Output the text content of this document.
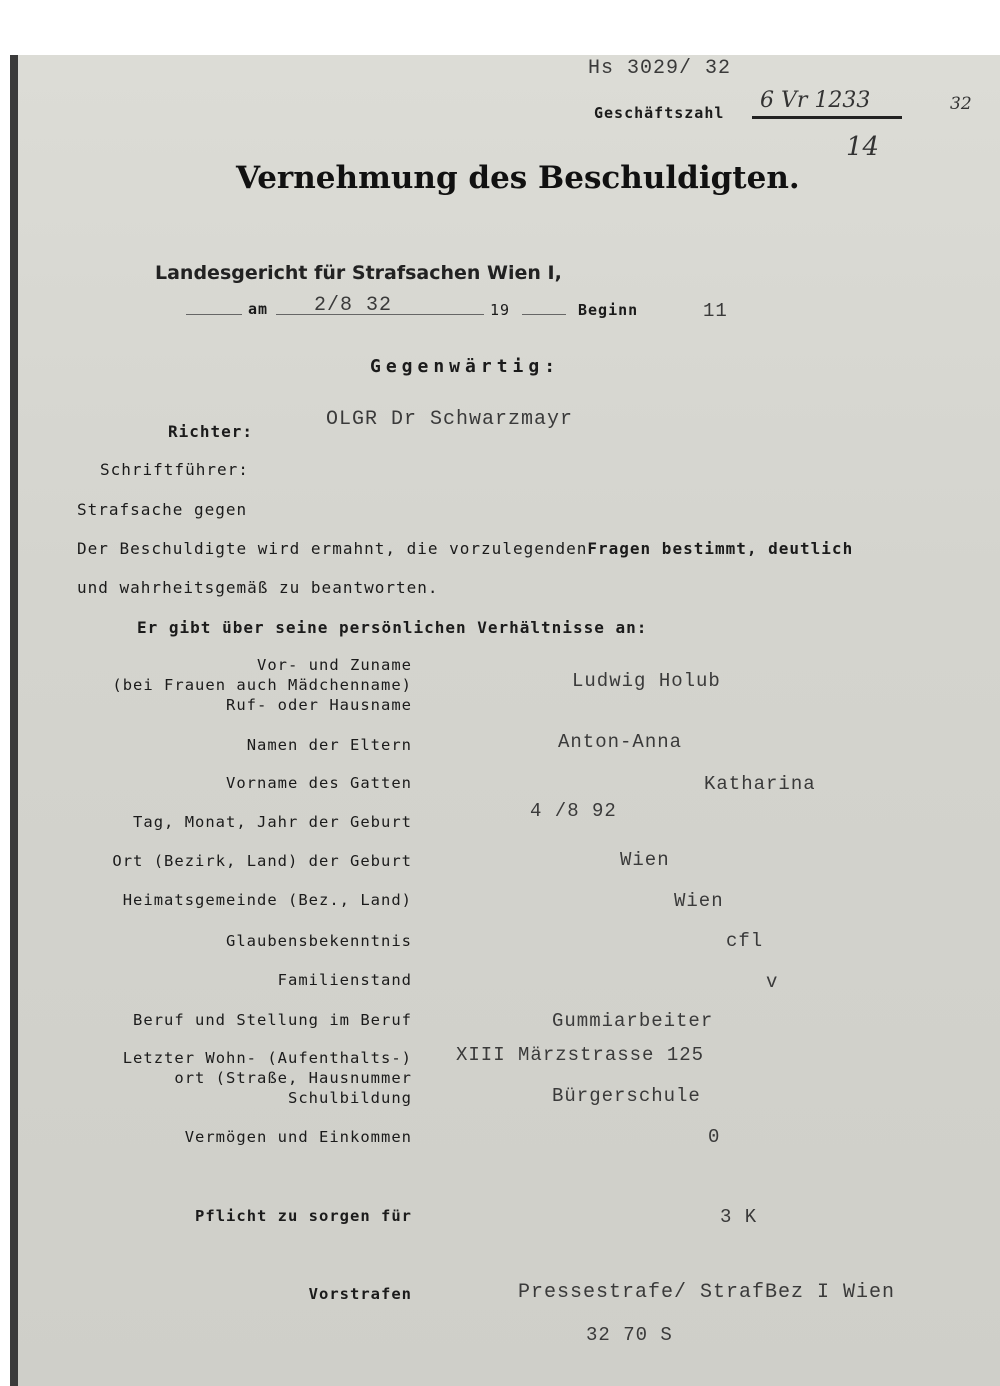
Hs 3029/ 32
Geschäftszahl 6 Vr 1233	32
14
Vernehmung des Beschuldigten.
Landesgericht für Strafsachen Wien I,
am 2/8 32	19	Beginn	11
Gegenwärtig:
Richter:
OLGR Dr Schwarzmayr
Schriftführer:
Strafsache gegen
Der Beschuldigte wird ermahnt, die vorzulegendenFragen bestimmt, deutlich
und wahrheitsgemäß zu beantworten.
Er gibt über seine persönlichen Verhältnisse an:
Vor- und Zuname
(bei Frauen auch Mädchenname)
Ruf- oder Hausname
Ludwig Holub
Namen der Eltern	Anton-Anna
Vorname des Gatten	Katharina
Tag, Monat, Jahr der Geburt	4 /8 92
Ort (Bezirk, Land) der Geburt	Wien
Heimatsgemeinde (Bez., Land)	Wien
Glaubensbekenntnis	cfl
Familienstand	v
Beruf und Stellung im Beruf	Gummiarbeiter
Letzter Wohn- (Aufenthalts-)
ort (Straße, Hausnummer
XIII Märzstrasse 125
Schulbildung	Bürgerschule
Vermögen und Einkommen	0
Pflicht zu sorgen für	3 K
Vorstrafen	Pressestrafe/ StrafBez I Wien
32 70 S
